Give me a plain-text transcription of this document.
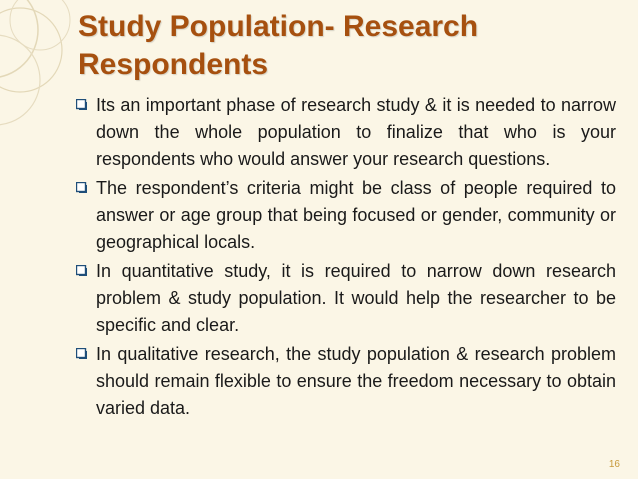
Study Population- Research Respondents
Its an important phase of research study & it is needed to narrow down the whole population to finalize that who is your respondents who would answer your research questions.
The respondent’s criteria might be class of people required to answer or age group that being focused or gender, community or geographical locals.
In quantitative study, it is required to narrow down research problem & study population. It would help the researcher to be specific and clear.
In qualitative research, the study population & research problem should remain flexible to ensure the freedom necessary to obtain varied data.
16
